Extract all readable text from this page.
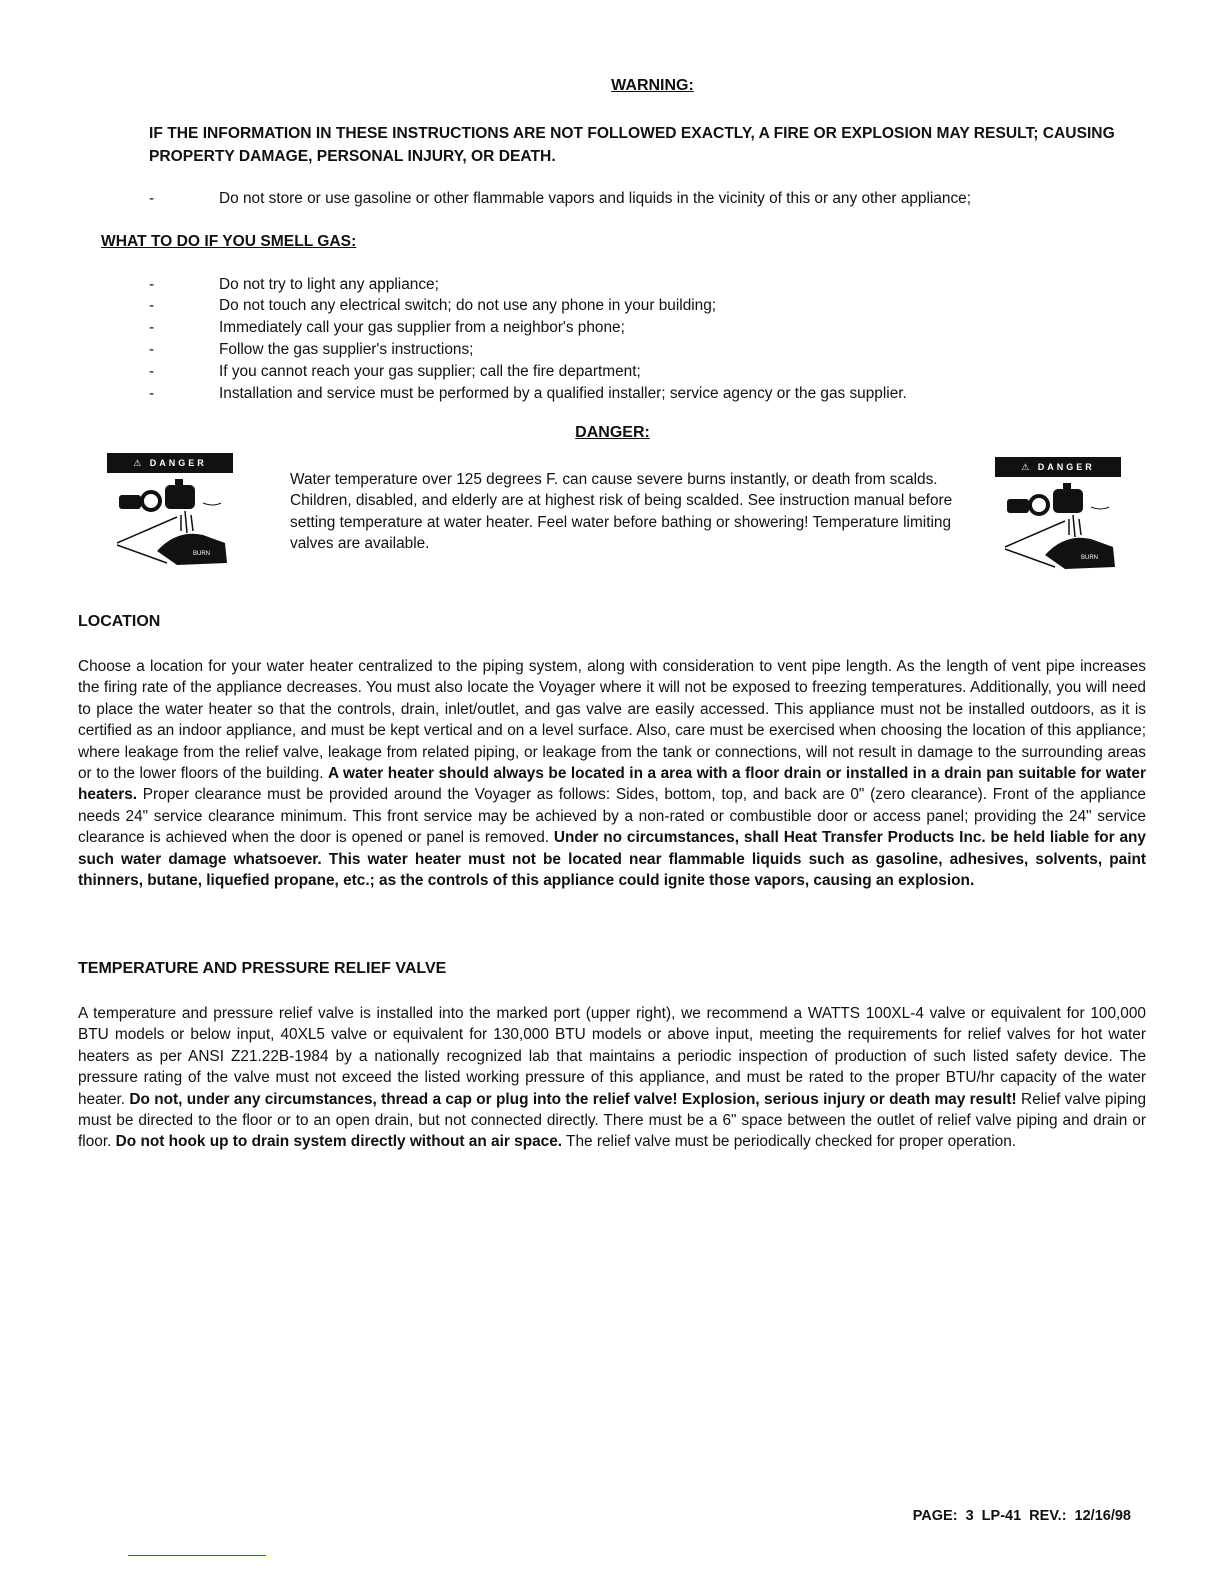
WARNING:
IF THE INFORMATION IN THESE INSTRUCTIONS ARE NOT FOLLOWED EXACTLY, A FIRE OR EXPLOSION MAY RESULT; CAUSING PROPERTY DAMAGE, PERSONAL INJURY, OR DEATH.
-	Do not store or use gasoline or other flammable vapors and liquids in the vicinity of this or any other appliance;
WHAT TO DO IF YOU SMELL GAS:
-	Do not try to light any appliance;
-	Do not touch any electrical switch; do not use any phone in your building;
-	Immediately call your gas supplier from a neighbor's phone;
-	Follow the gas supplier's instructions;
-	If you cannot reach your gas supplier; call the fire department;
-	Installation and service must be performed by a qualified installer; service agency or the gas supplier.
DANGER:
⚠ DANGER
BURN
Water temperature over 125 degrees F. can cause severe burns instantly, or death from scalds. Children, disabled, and elderly are at highest risk of being scalded. See instruction manual before setting temperature at water heater. Feel water before bathing or showering! Temperature limiting valves are available.
⚠ DANGER
BURN
LOCATION
Choose a location for your water heater centralized to the piping system, along with consideration to vent pipe length. As the length of vent pipe increases the firing rate of the appliance decreases. You must also locate the Voyager where it will not be exposed to freezing temperatures. Additionally, you will need to place the water heater so that the controls, drain, inlet/outlet, and gas valve are easily accessed. This appliance must not be installed outdoors, as it is certified as an indoor appliance, and must be kept vertical and on a level surface. Also, care must be exercised when choosing the location of this appliance; where leakage from the relief valve, leakage from related piping, or leakage from the tank or connections, will not result in damage to the surrounding areas or to the lower floors of the building. A water heater should always be located in a area with a floor drain or installed in a drain pan suitable for water heaters. Proper clearance must be provided around the Voyager as follows: Sides, bottom, top, and back are 0" (zero clearance). Front of the appliance needs 24" service clearance minimum. This front service may be achieved by a non-rated or combustible door or access panel; providing the 24" service clearance is achieved when the door is opened or panel is removed. Under no circumstances, shall Heat Transfer Products Inc. be held liable for any such water damage whatsoever. This water heater must not be located near flammable liquids such as gasoline, adhesives, solvents, paint thinners, butane, liquefied propane, etc.; as the controls of this appliance could ignite those vapors, causing an explosion.
TEMPERATURE AND PRESSURE RELIEF VALVE
A temperature and pressure relief valve is installed into the marked port (upper right), we recommend a WATTS 100XL-4 valve or equivalent for 100,000 BTU models or below input, 40XL5 valve or equivalent for 130,000 BTU models or above input, meeting the requirements for relief valves for hot water heaters as per ANSI Z21.22B-1984 by a nationally recognized lab that maintains a periodic inspection of production of such listed safety device. The pressure rating of the valve must not exceed the listed working pressure of this appliance, and must be rated to the proper BTU/hr capacity of the water heater. Do not, under any circumstances, thread a cap or plug into the relief valve! Explosion, serious injury or death may result! Relief valve piping must be directed to the floor or to an open drain, but not connected directly. There must be a 6" space between the outlet of relief valve piping and drain or floor. Do not hook up to drain system directly without an air space. The relief valve must be periodically checked for proper operation.
PAGE: 3 LP-41 REV.: 12/16/98
